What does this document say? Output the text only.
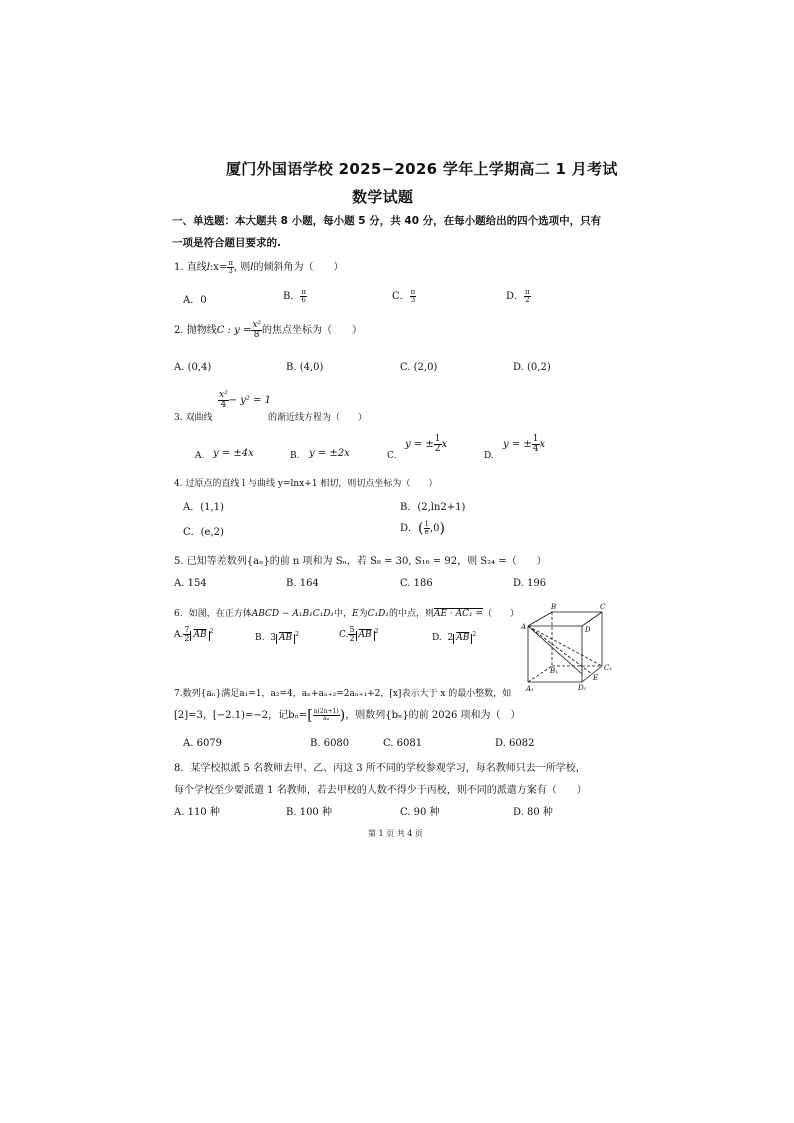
厦门外国语学校 2025−2026 学年上学期高二 1 月考试
数学试题
一、单选题：本大题共 8 小题，每小题 5 分，共 40 分，在每小题给出的四个选项中，只有
一项是符合题目要求的.
1. 直线l:x= $\frac{\pi}{3}$ , 则l的倾斜角为（　　）
A．0	B． $\frac{\pi}{6}$	C． $\frac{\pi}{3}$	D． $\frac{\pi}{2}$
2. 抛物线C : $y = \frac{\text{x²}}{8}$ 的焦点坐标为（　　）
A. (0,4)	B. (4,0)	C. (2,0)	D. (0,2)
3. 双曲线
$\frac{\text{x²}}{4} - y^2 = 1$
的渐近线方程为（　　）
A. y = ±4x	B. y = ±2x	C.
y = ± $\frac{1}{2}$ x
D.
y = ± $\frac{1}{4}$ x
4. 过原点的直线 l 与曲线 y=lnx+1 相切，则切点坐标为（　　）
A．(1,1)	B．(2,ln2+1)
C．(e,2)	D．( $\frac{1}{e} ,0$)
5. 已知等差数列{aₙ}的前 n 项和为 Sₙ，若 S₈ = 30, S₁₆ = 92，则 S₂₄ =（　　）
A. 154	B. 164	C. 186	D. 196
6．如图，在正方体ABCD − A₁B₁C₁D₁中，E为C₁D₁的中点，则AE · AC₁ =（　　）
A. $\frac{7}{2} \overline{AB}$ $^2$
B. 3 $\overline{AB}$ $^2$	C. $\frac{5}{2} \overline{AB}$ $^2$
D. 2 $\overline{AB}$ $^2$
A
B	C
D
A₁
B₁	C₁
D₁
E
7.数列{aₙ}满足a₁=1，a₂=4，aₙ+aₙ₊₂=2aₙ₊₁+2，[x]表示大于 x 的最小整数，如
[2]=3，[−2.1)=−2，记$b_n=[ \frac{n(2n+1)}{\text{aₙ}}$ )，则数列{bₙ}的前 2026 项和为（　）
A. 6079	B. 6080	C. 6081	D. 6082
8．某学校拟派 5 名教师去甲、乙、丙这 3 所不同的学校参观学习，每名教师只去一所学校，
每个学校至少要派遣 1 名教师，若去甲校的人数不得少于丙校，则不同的派遣方案有（　　）
A. 110 种	B. 100 种	C. 90 种	D. 80 种
第 1 页 共 4 页
